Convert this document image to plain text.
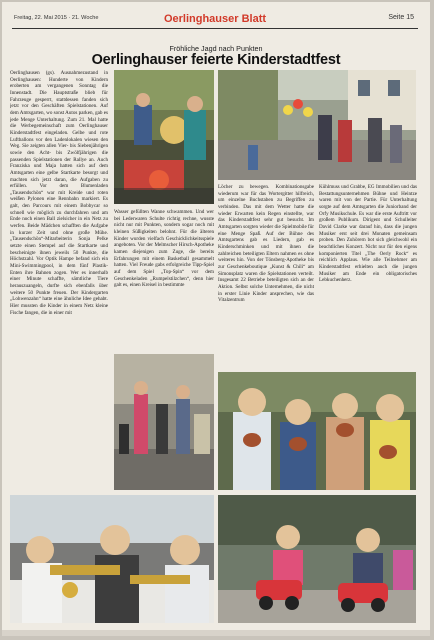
Freitag, 22. Mai 2015 · 21. Woche	Oerlinghauser Blatt	Seite 15
Fröhliche Jagd nach Punkten
Oerlinghauser feierte Kinderstadtfest

Oerlinghausen (gs). Ausnahmezustand in Oerlinghausen: Hunderte von Kindern eroberten am vergangenen Sonntag die Innenstadt. Die Hauptstraße blieb für Fahrzeuge gesperrt, stattdessen fanden sich jetzt vor den Geschäften Spielstationen. Auf dem Amtsgarten, wo sonst Autos parken, gab es jede Menge Unterhaltung. Zum 21. Mal hatte die Werbegemeinschaft zum Oerlinghauser Kinderstadtfest eingeladen. Gelbe und rote Luftballons vor den Ladenlokalen wiesen den Weg. Sie zeigten allen Vier- bis Siebenjährigen sowie den Acht- bis Zwölfjährigen die passenden Spielstationen der Rallye an. Auch Franziska und Maja hatten sich auf dem Amtsgarten eine gelbe Startkarte besorgt und machten sich jetzt daran, die Aufgaben zu erfüllen. Vor dem Blumenladen „Tausendschön“ war mit Kreide und roten weißen Pylonen eine Rennbahn markiert. Es galt, den Parcours mit einem Bobbycar so schnell wie möglich zu durchfahren und am Ende noch einen Ball zielsicher in ein Netz zu werfen. Beide Mädchen schafften die Aufgabe in kurzer Zeit und ohne große Mühe. „Tausendschön“-Mitarbeiterin Sonja Pelke setzte einen Stempel auf die Startkarte und bescheinigte ihnen jeweils 50 Punkte, die Höchstzahl. Vor Optik Hampe befand sich ein Mini-Swimmingpool, in dem fünf Plastik-Enten ihre Bahnen zogen. Wer es innerhalb einer Minute schaffte, sämtliche Tiere herauszuangeln, durfte sich ebenfalls über weitere 50 Punkte freuen. Der Kindergarten „Lohwenzahn“ hatte eine ähnliche Idee gehabt. Hier mussten die Kinder in einem Netz kleine Fische fangen, die in einer mit

Wasser gefüllten Wanne schwammen. Und wer bei Lederwaren Schulte richtig rechne, wusste nicht nur mit Punkten, sondern sogar noch mit kleinen Süßigkeiten belohnt. Für die älteren Kinder wurden vielfach Geschicklichkeitsspiele angeboten. Vor der Melmscher Hirsch-Apotheke kamen diejenigen zum Zuge, die bereits Erfahrungen mit einem Basketball gesammelt hatten. Viel Freude gabs erfolgreiche Tipp-Spiel auf dem Spiel „Top-Spin“ vor dem Geschenkeladen „Rumpelstilzchen“, denn hier galt es, einen Kreisel in bestimmte

Löcher zu bewegen. Kombinationsgabe wiederum war für das Wortergitter hilfreich, um einzelne Buchstaben zu Begriffen zu verbinden. Das mit dem Wetter hatte die wieder Erwarten kein Regen einstellte, war das Kinderstadtfest sehr gut besucht. Im Amtsgarten sorgten wieder die Spielmobile für eine Menge Spaß. Auf der Bühne des Amtsgartens gab es Liedern, gab es Kinderschminken und mit ihnen die zahlreichen beteiligten Eltern nahmen es ohne weiteres hin. Von der Tönsberg-Apotheke bis zur Geschenkeboutique „Kunst & Chili“ am Simonsplatz waren die Spielstationen verteilt. Insgesamt 22 Betriebe beteiligten sich an der Aktion. Selbst solche Unternehmen, die nicht in erster Linie Kinder ansprechen, wie das Vitalzentrum

Kühlmuss und Grabbe, EG Immobilien und das Bestattungsunternehmen Bühne und Heintze waren mit von der Partie. Für Unterhaltung sorgte auf dem Amtsgarten die Juniorband der Orfy Musikschule. Es war die erste Auftritt vor großem Publikum. Dirigent und Schulleiter David Clarke war darauf hin, dass die jungen Musiker erst seit drei Monaten gemeinsam proben. Den Zuhörern bot sich gleichwohl ein beachtliches Konzert. Nicht nur für den eigens komponierten Titel „The Oerly Rock“ es reichlich Applaus. Wie alle Teilnehmer am Kinderstadtfest erhielten auch die jungen Musiker am Ende ein obligatorisches Lebkuchenherz.
